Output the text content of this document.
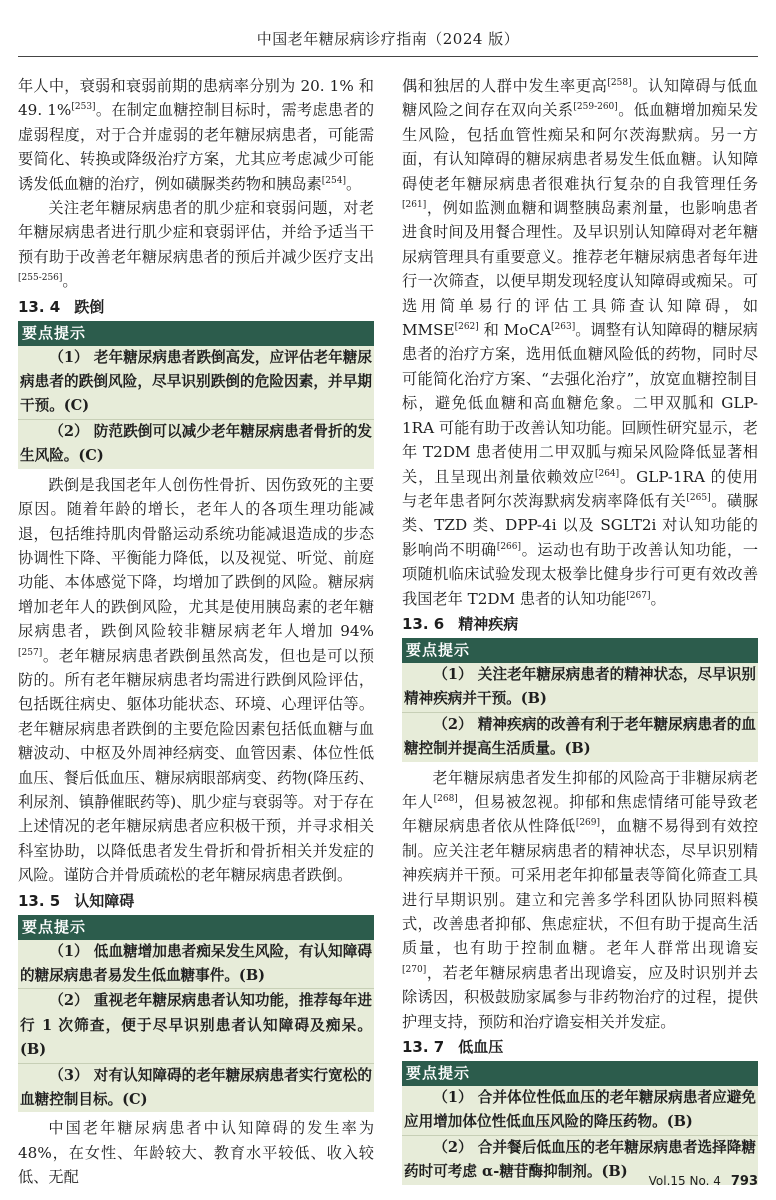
中国老年糖尿病诊疗指南（2024 版）

年人中，衰弱和衰弱前期的患病率分别为 20. 1% 和 49. 1%[253]。在制定血糖控制目标时，需考虑患者的虚弱程度，对于合并虚弱的老年糖尿病患者，可能需要简化、转换或降级治疗方案，尤其应考虑减少可能诱发低血糖的治疗，例如磺脲类药物和胰岛素[254]。

关注老年糖尿病患者的肌少症和衰弱问题，对老年糖尿病患者进行肌少症和衰弱评估，并给予适当干预有助于改善老年糖尿病患者的预后并减少医疗支出[255-256]。

13. 4 跌倒
要点提示

（1） 老年糖尿病患者跌倒高发，应评估老年糖尿病患者的跌倒风险，尽早识别跌倒的危险因素，并早期干预。(C)

（2） 防范跌倒可以减少老年糖尿病患者骨折的发生风险。(C)

跌倒是我国老年人创伤性骨折、因伤致死的主要原因。随着年龄的增长，老年人的各项生理功能减退，包括维持肌肉骨骼运动系统功能减退造成的步态协调性下降、平衡能力降低，以及视觉、听觉、前庭功能、本体感觉下降，均增加了跌倒的风险。糖尿病增加老年人的跌倒风险，尤其是使用胰岛素的老年糖尿病患者，跌倒风险较非糖尿病老年人增加 94%[257]。老年糖尿病患者跌倒虽然高发，但也是可以预防的。所有老年糖尿病患者均需进行跌倒风险评估，包括既往病史、躯体功能状态、环境、心理评估等。老年糖尿病患者跌倒的主要危险因素包括低血糖与血糖波动、中枢及外周神经病变、血管因素、体位性低血压、餐后低血压、糖尿病眼部病变、药物(降压药、利尿剂、镇静催眠药等)、肌少症与衰弱等。对于存在上述情况的老年糖尿病患者应积极干预，并寻求相关科室协助，以降低患者发生骨折和骨折相关并发症的风险。谨防合并骨质疏松的老年糖尿病患者跌倒。

13. 5 认知障碍
要点提示

（1） 低血糖增加患者痴呆发生风险，有认知障碍的糖尿病患者易发生低血糖事件。(B)

（2） 重视老年糖尿病患者认知功能，推荐每年进行 1 次筛查，便于尽早识别患者认知障碍及痴呆。(B)

（3） 对有认知障碍的老年糖尿病患者实行宽松的血糖控制目标。(C)

中国老年糖尿病患者中认知障碍的发生率为 48%，在女性、年龄较大、教育水平较低、收入较低、无配

偶和独居的人群中发生率更高[258]。认知障碍与低血糖风险之间存在双向关系[259-260]。低血糖增加痴呆发生风险，包括血管性痴呆和阿尔茨海默病。另一方面，有认知障碍的糖尿病患者易发生低血糖。认知障碍使老年糖尿病患者很难执行复杂的自我管理任务[261]，例如监测血糖和调整胰岛素剂量，也影响患者进食时间及用餐合理性。及早识别认知障碍对老年糖尿病管理具有重要意义。推荐老年糖尿病患者每年进行一次筛查，以便早期发现轻度认知障碍或痴呆。可选用简单易行的评估工具筛查认知障碍，如 MMSE[262] 和 MoCA[263]。调整有认知障碍的糖尿病患者的治疗方案，选用低血糖风险低的药物，同时尽可能简化治疗方案、“去强化治疗”，放宽血糖控制目标，避免低血糖和高血糖危象。二甲双胍和 GLP-1RA 可能有助于改善认知功能。回顾性研究显示，老年 T2DM 患者使用二甲双胍与痴呆风险降低显著相关，且呈现出剂量依赖效应[264]。GLP-1RA 的使用与老年患者阿尔茨海默病发病率降低有关[265]。磺脲类、TZD 类、DPP-4i 以及 SGLT2i 对认知功能的影响尚不明确[266]。运动也有助于改善认知功能，一项随机临床试验发现太极拳比健身步行可更有效改善我国老年 T2DM 患者的认知功能[267]。

13. 6 精神疾病
要点提示

（1） 关注老年糖尿病患者的精神状态，尽早识别精神疾病并干预。(B)

（2） 精神疾病的改善有利于老年糖尿病患者的血糖控制并提高生活质量。(B)

老年糖尿病患者发生抑郁的风险高于非糖尿病老年人[268]，但易被忽视。抑郁和焦虑情绪可能导致老年糖尿病患者依从性降低[269]，血糖不易得到有效控制。应关注老年糖尿病患者的精神状态，尽早识别精神疾病并干预。可采用老年抑郁量表等简化筛查工具进行早期识别。建立和完善多学科团队协同照料模式，改善患者抑郁、焦虑症状，不但有助于提高生活质量，也有助于控制血糖。老年人群常出现谵妄[270]，若老年糖尿病患者出现谵妄，应及时识别并去除诱因，积极鼓励家属参与非药物治疗的过程，提供护理支持，预防和治疗谵妄相关并发症。

13. 7 低血压
要点提示

（1） 合并体位性低血压的老年糖尿病患者应避免应用增加体位性低血压风险的降压药物。(B)

（2） 合并餐后低血压的老年糖尿病患者选择降糖药时可考虑 α-糖苷酶抑制剂。(B)

Vol.15 No. 4 793
